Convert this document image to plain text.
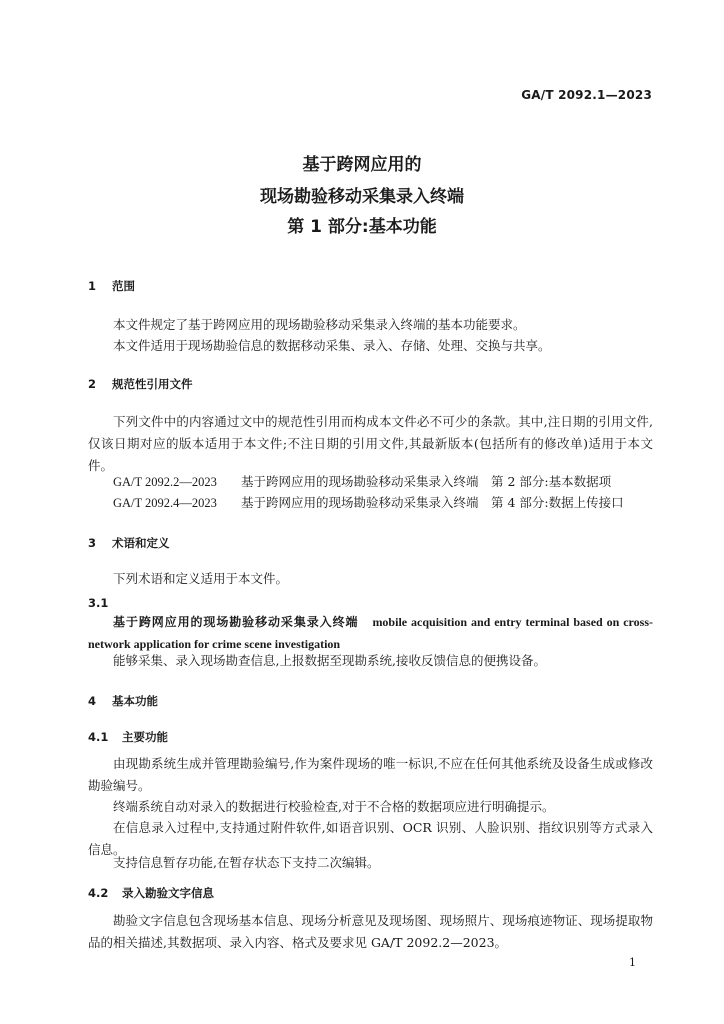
GA/T 2092.1—2023
基于跨网应用的
现场勘验移动采集录入终端
第 1 部分:基本功能
1 范围
本文件规定了基于跨网应用的现场勘验移动采集录入终端的基本功能要求。
本文件适用于现场勘验信息的数据移动采集、录入、存储、处理、交换与共享。
2 规范性引用文件
下列文件中的内容通过文中的规范性引用而构成本文件必不可少的条款。其中,注日期的引用文件,仅该日期对应的版本适用于本文件;不注日期的引用文件,其最新版本(包括所有的修改单)适用于本文件。
GA/T 2092.2—2023 基于跨网应用的现场勘验移动采集录入终端　第 2 部分:基本数据项
GA/T 2092.4—2023 基于跨网应用的现场勘验移动采集录入终端　第 4 部分:数据上传接口
3 术语和定义
下列术语和定义适用于本文件。
3.1
基于跨网应用的现场勘验移动采集录入终端 mobile acquisition and entry terminal based on cross-network application for crime scene investigation
能够采集、录入现场勘查信息,上报数据至现勘系统,接收反馈信息的便携设备。
4 基本功能
4.1 主要功能
由现勘系统生成并管理勘验编号,作为案件现场的唯一标识,不应在任何其他系统及设备生成或修改勘验编号。
终端系统自动对录入的数据进行校验检查,对于不合格的数据项应进行明确提示。
在信息录入过程中,支持通过附件软件,如语音识别、OCR 识别、人脸识别、指纹识别等方式录入信息。
支持信息暂存功能,在暂存状态下支持二次编辑。
4.2 录入勘验文字信息
勘验文字信息包含现场基本信息、现场分析意见及现场图、现场照片、现场痕迹物证、现场提取物品的相关描述,其数据项、录入内容、格式及要求见 GA/T 2092.2—2023。
1
